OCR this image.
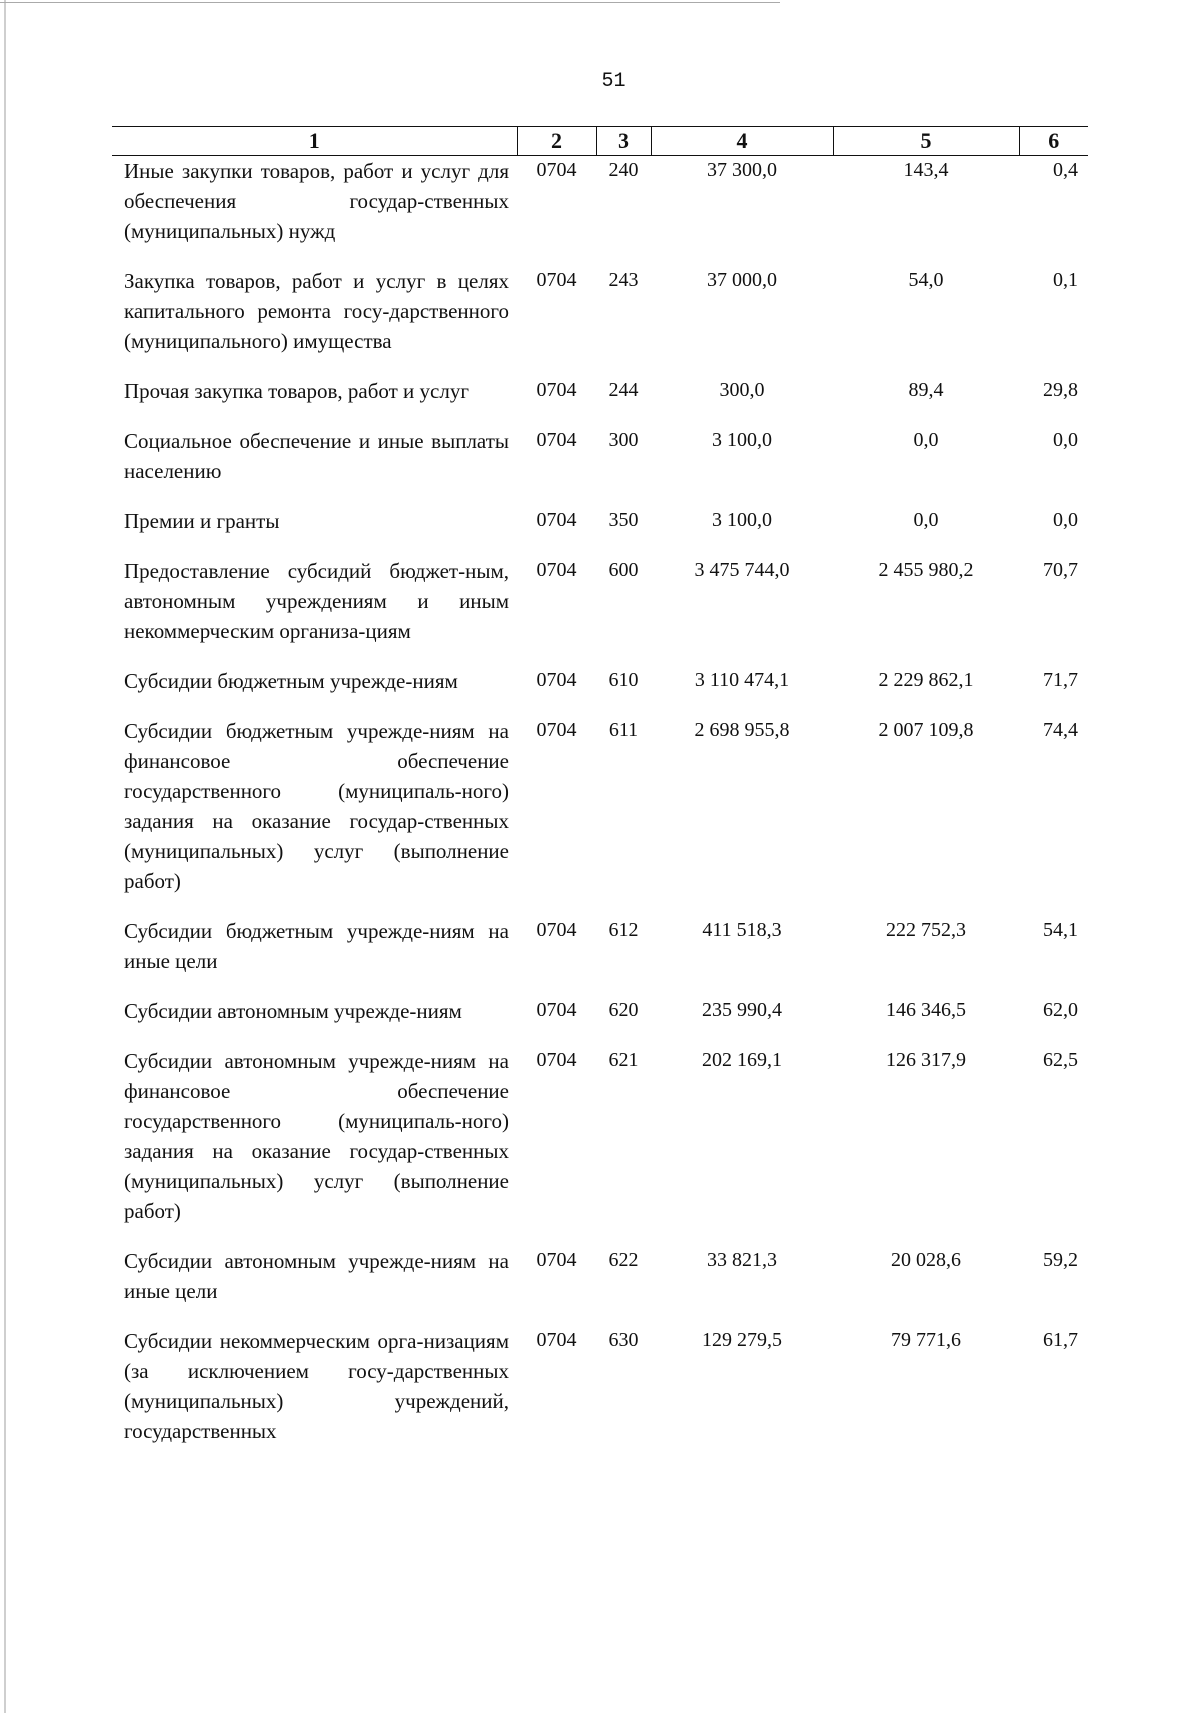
51
1	2	3	4	5	6
Иные закупки товаров, работ и услуг для обеспечения государ-ственных (муниципальных) нужд	0704	240	37 300,0	143,4	0,4
Закупка товаров, работ и услуг в целях капитального ремонта госу-дарственного (муниципального) имущества	0704	243	37 000,0	54,0	0,1
Прочая закупка товаров, работ и услуг	0704	244	300,0	89,4	29,8
Социальное обеспечение и иные выплаты населению	0704	300	3 100,0	0,0	0,0
Премии и гранты	0704	350	3 100,0	0,0	0,0
Предоставление субсидий бюджет-ным, автономным учреждениям и иным некоммерческим организа-циям	0704	600	3 475 744,0	2 455 980,2	70,7
Субсидии бюджетным учрежде-ниям	0704	610	3 110 474,1	2 229 862,1	71,7
Субсидии бюджетным учрежде-ниям на финансовое обеспечение государственного (муниципаль-ного) задания на оказание государ-ственных (муниципальных) услуг (выполнение работ)	0704	611	2 698 955,8	2 007 109,8	74,4
Субсидии бюджетным учрежде-ниям на иные цели	0704	612	411 518,3	222 752,3	54,1
Субсидии автономным учрежде-ниям	0704	620	235 990,4	146 346,5	62,0
Субсидии автономным учрежде-ниям на финансовое обеспечение государственного (муниципаль-ного) задания на оказание государ-ственных (муниципальных) услуг (выполнение работ)	0704	621	202 169,1	126 317,9	62,5
Субсидии автономным учрежде-ниям на иные цели	0704	622	33 821,3	20 028,6	59,2
Субсидии некоммерческим орга-низациям (за исключением госу-дарственных (муниципальных) учреждений, государственных	0704	630	129 279,5	79 771,6	61,7
